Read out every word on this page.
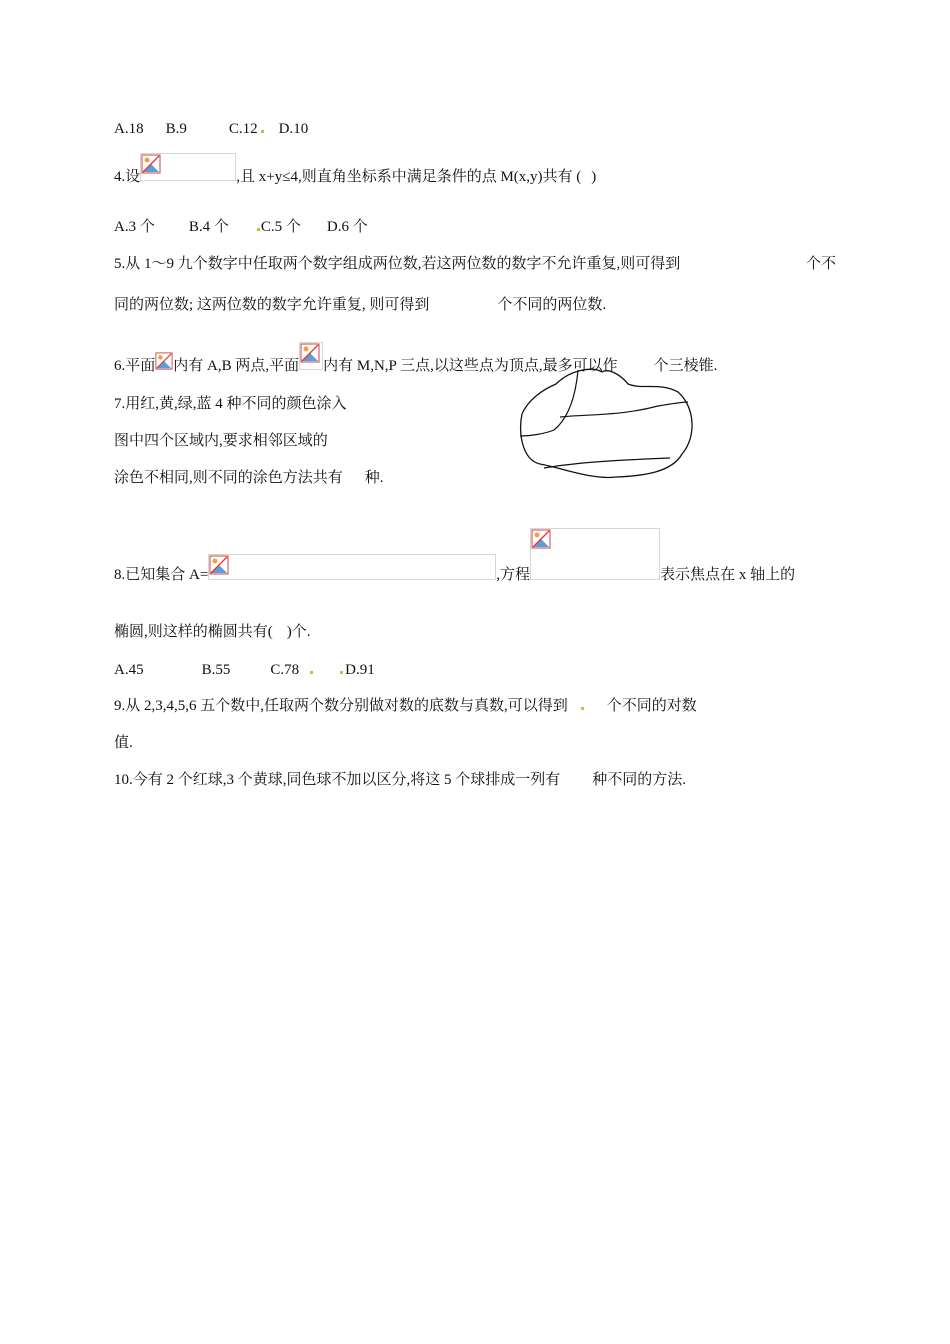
A.18 B.9	C.12 D.10
4.设	,且 x+y≤4,则直角坐标系中满足条件的点 M(x,y)共有 ( )
A.3 个 B.4 个 C.5 个 D.6 个
5.从 1～9 九个数字中任取两个数字组成两位数,若这两位数的数字不允许重复,则可得到	个不
同的两位数; 这两位数的数字允许重复, 则可得到	个不同的两位数.
6.平面 内有 A,B 两点,平面 内有 M,N,P 三点,以这些点为顶点,最多可以作 个三棱锥.
7.用红,黄,绿,蓝 4 种不同的颜色涂入
图中四个区域内,要求相邻区域的
涂色不相同,则不同的涂色方法共有 种.
8.已知集合 A=	,方程	表示焦点在 x 轴上的
椭圆,则这样的椭圆共有( )个.
A.45	B.55	C.78	D.91
9.从 2,3,4,5,6 五个数中,任取两个数分别做对数的底数与真数,可以得到	个不同的对数
值.
10.今有 2 个红球,3 个黄球,同色球不加以区分,将这 5 个球排成一列有 种不同的方法.
